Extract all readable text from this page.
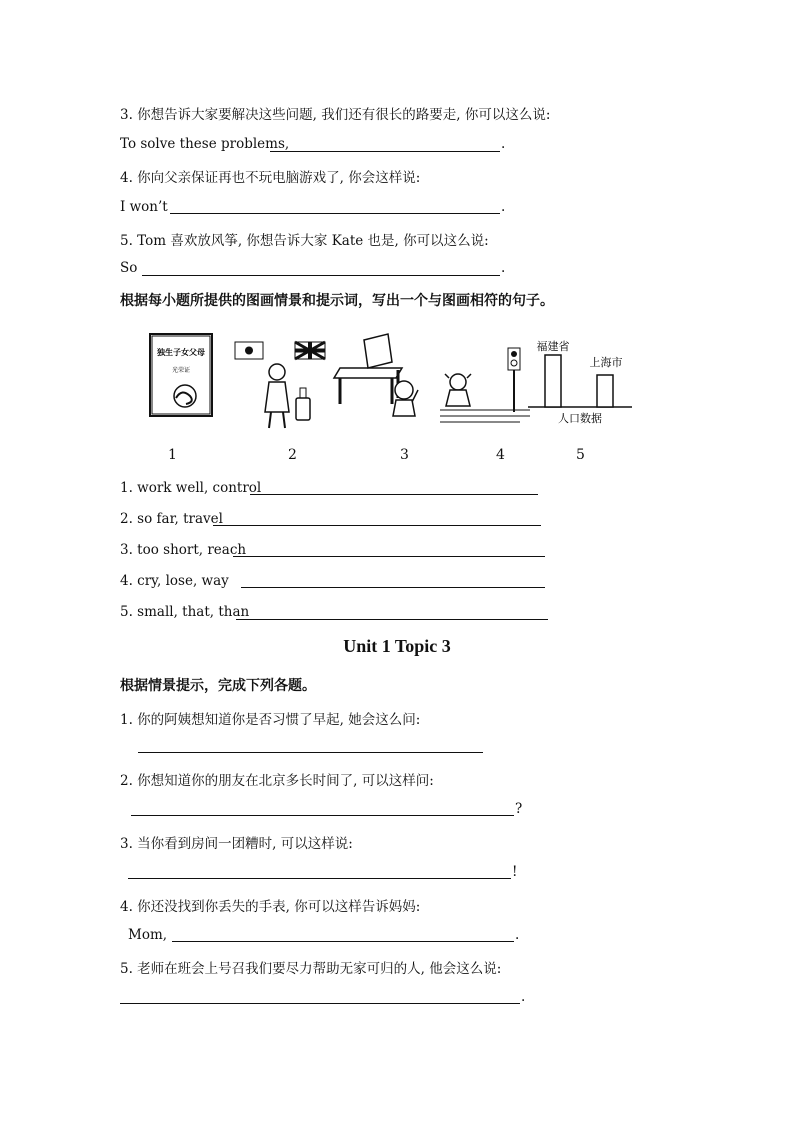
3. 你想告诉大家要解决这些问题, 我们还有很长的路要走, 你可以这么说:
To solve these problems,	.
4. 你向父亲保证再也不玩电脑游戏了, 你会这样说:
I won’t	.
5. Tom 喜欢放风筝, 你想告诉大家 Kate 也是, 你可以这么说:
So	.
根据每小题所提供的图画情景和提示词，写出一个与图画相符的句子。
独生子女父母
光荣证
福建省
上海市
人口数据
1	2	3	4	5
1. work well, control
2. so far, travel
3. too short, reach
4. cry, lose, way
5. small, that, than
Unit 1 Topic 3
根据情景提示，完成下列各题。
1. 你的阿姨想知道你是否习惯了早起, 她会这么问:
2. 你想知道你的朋友在北京多长时间了, 可以这样问:
?
3. 当你看到房间一团糟时, 可以这样说:
!
4. 你还没找到你丢失的手表, 你可以这样告诉妈妈:
Mom,	.
5. 老师在班会上号召我们要尽力帮助无家可归的人, 他会这么说:
.
